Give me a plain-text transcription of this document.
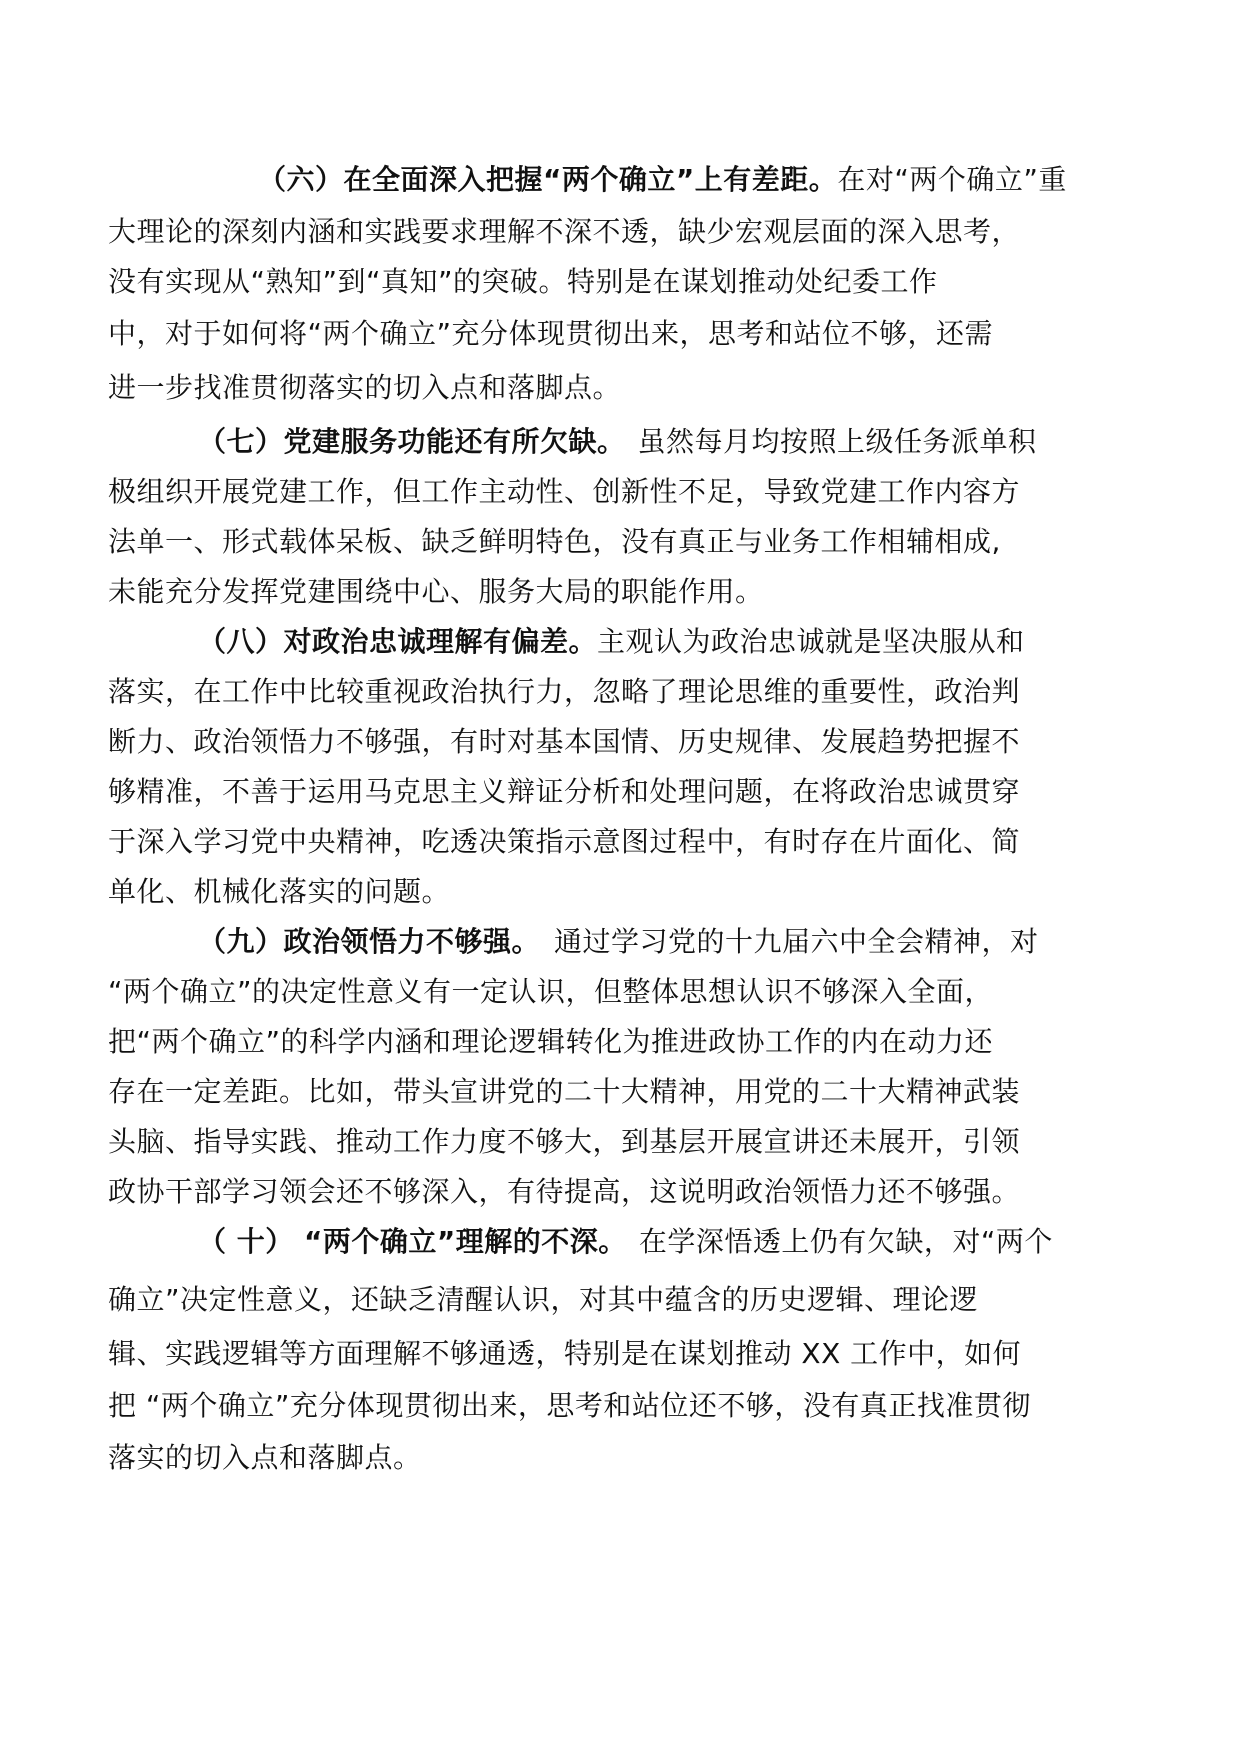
（六）在全面深入把握“两个确立”上有差距。在对“两个确立”重
大理论的深刻内涵和实践要求理解不深不透，缺少宏观层面的深入思考，
没有实现从“熟知”到“真知”的突破。特别是在谋划推动处纪委工作
中，对于如何将“两个确立”充分体现贯彻出来，思考和站位不够，还需
进一步找准贯彻落实的切入点和落脚点。
（七）党建服务功能还有所欠缺。 虽然每月均按照上级任务派单积
极组织开展党建工作，但工作主动性、创新性不足，导致党建工作内容方
法单一、形式载体呆板、缺乏鲜明特色，没有真正与业务工作相辅相成,
未能充分发挥党建围绕中心、服务大局的职能作用。
（八）对政治忠诚理解有偏差。主观认为政治忠诚就是坚决服从和
落实，在工作中比较重视政治执行力，忽略了理论思维的重要性，政治判
断力、政治领悟力不够强，有时对基本国情、历史规律、发展趋势把握不
够精准，不善于运用马克思主义辩证分析和处理问题，在将政治忠诚贯穿
于深入学习党中央精神，吃透决策指示意图过程中，有时存在片面化、简
单化、机械化落实的问题。
（九）政治领悟力不够强。 通过学习党的十九届六中全会精神，对
“两个确立”的决定性意义有一定认识，但整体思想认识不够深入全面，
把“两个确立”的科学内涵和理论逻辑转化为推进政协工作的内在动力还
存在一定差距。比如，带头宣讲党的二十大精神，用党的二十大精神武装
头脑、指导实践、推动工作力度不够大，到基层开展宣讲还未展开，引领
政协干部学习领会还不够深入，有待提高，这说明政治领悟力还不够强。
（ 十） “两个确立”理解的不深。 在学深悟透上仍有欠缺，对“两个
确立”决定性意义，还缺乏清醒认识，对其中蕴含的历史逻辑、理论逻
辑、实践逻辑等方面理解不够通透，特别是在谋划推动 XX 工作中，如何
把 “两个确立”充分体现贯彻出来，思考和站位还不够，没有真正找准贯彻
落实的切入点和落脚点。
